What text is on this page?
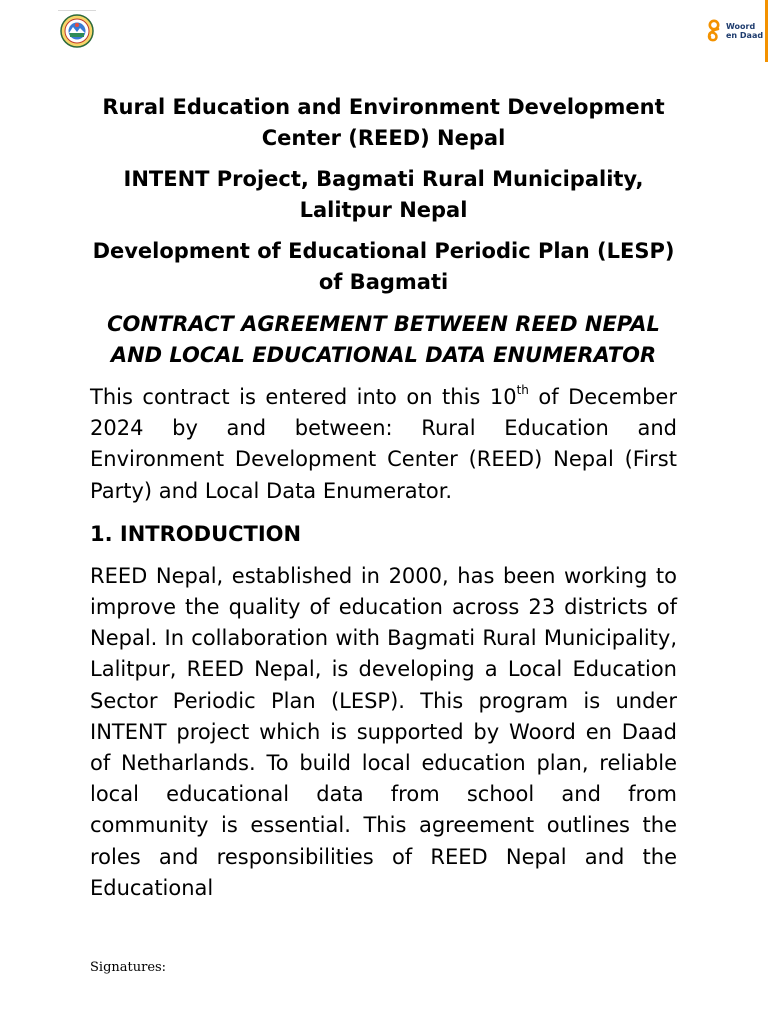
Woord
en Daad
Rural Education and Environment Development Center (REED) Nepal
INTENT Project, Bagmati Rural Municipality, Lalitpur Nepal
Development of Educational Periodic Plan (LESP) of Bagmati
CONTRACT AGREEMENT BETWEEN REED NEPAL AND LOCAL EDUCATIONAL DATA ENUMERATOR

This contract is entered into on this 10th of December 2024 by and between: Rural Education and Environment Development Center (REED) Nepal (First Party) and Local Data Enumerator.

1. INTRODUCTION

REED Nepal, established in 2000, has been working to improve the quality of education across 23 districts of Nepal. In collaboration with Bagmati Rural Municipality, Lalitpur, REED Nepal, is developing a Local Education Sector Periodic Plan (LESP). This program is under INTENT project which is supported by Woord en Daad of Netharlands. To build local education plan, reliable local educational data from school and from community is essential. This agreement outlines the roles and responsibilities of REED Nepal and the Educational

Signatures:
